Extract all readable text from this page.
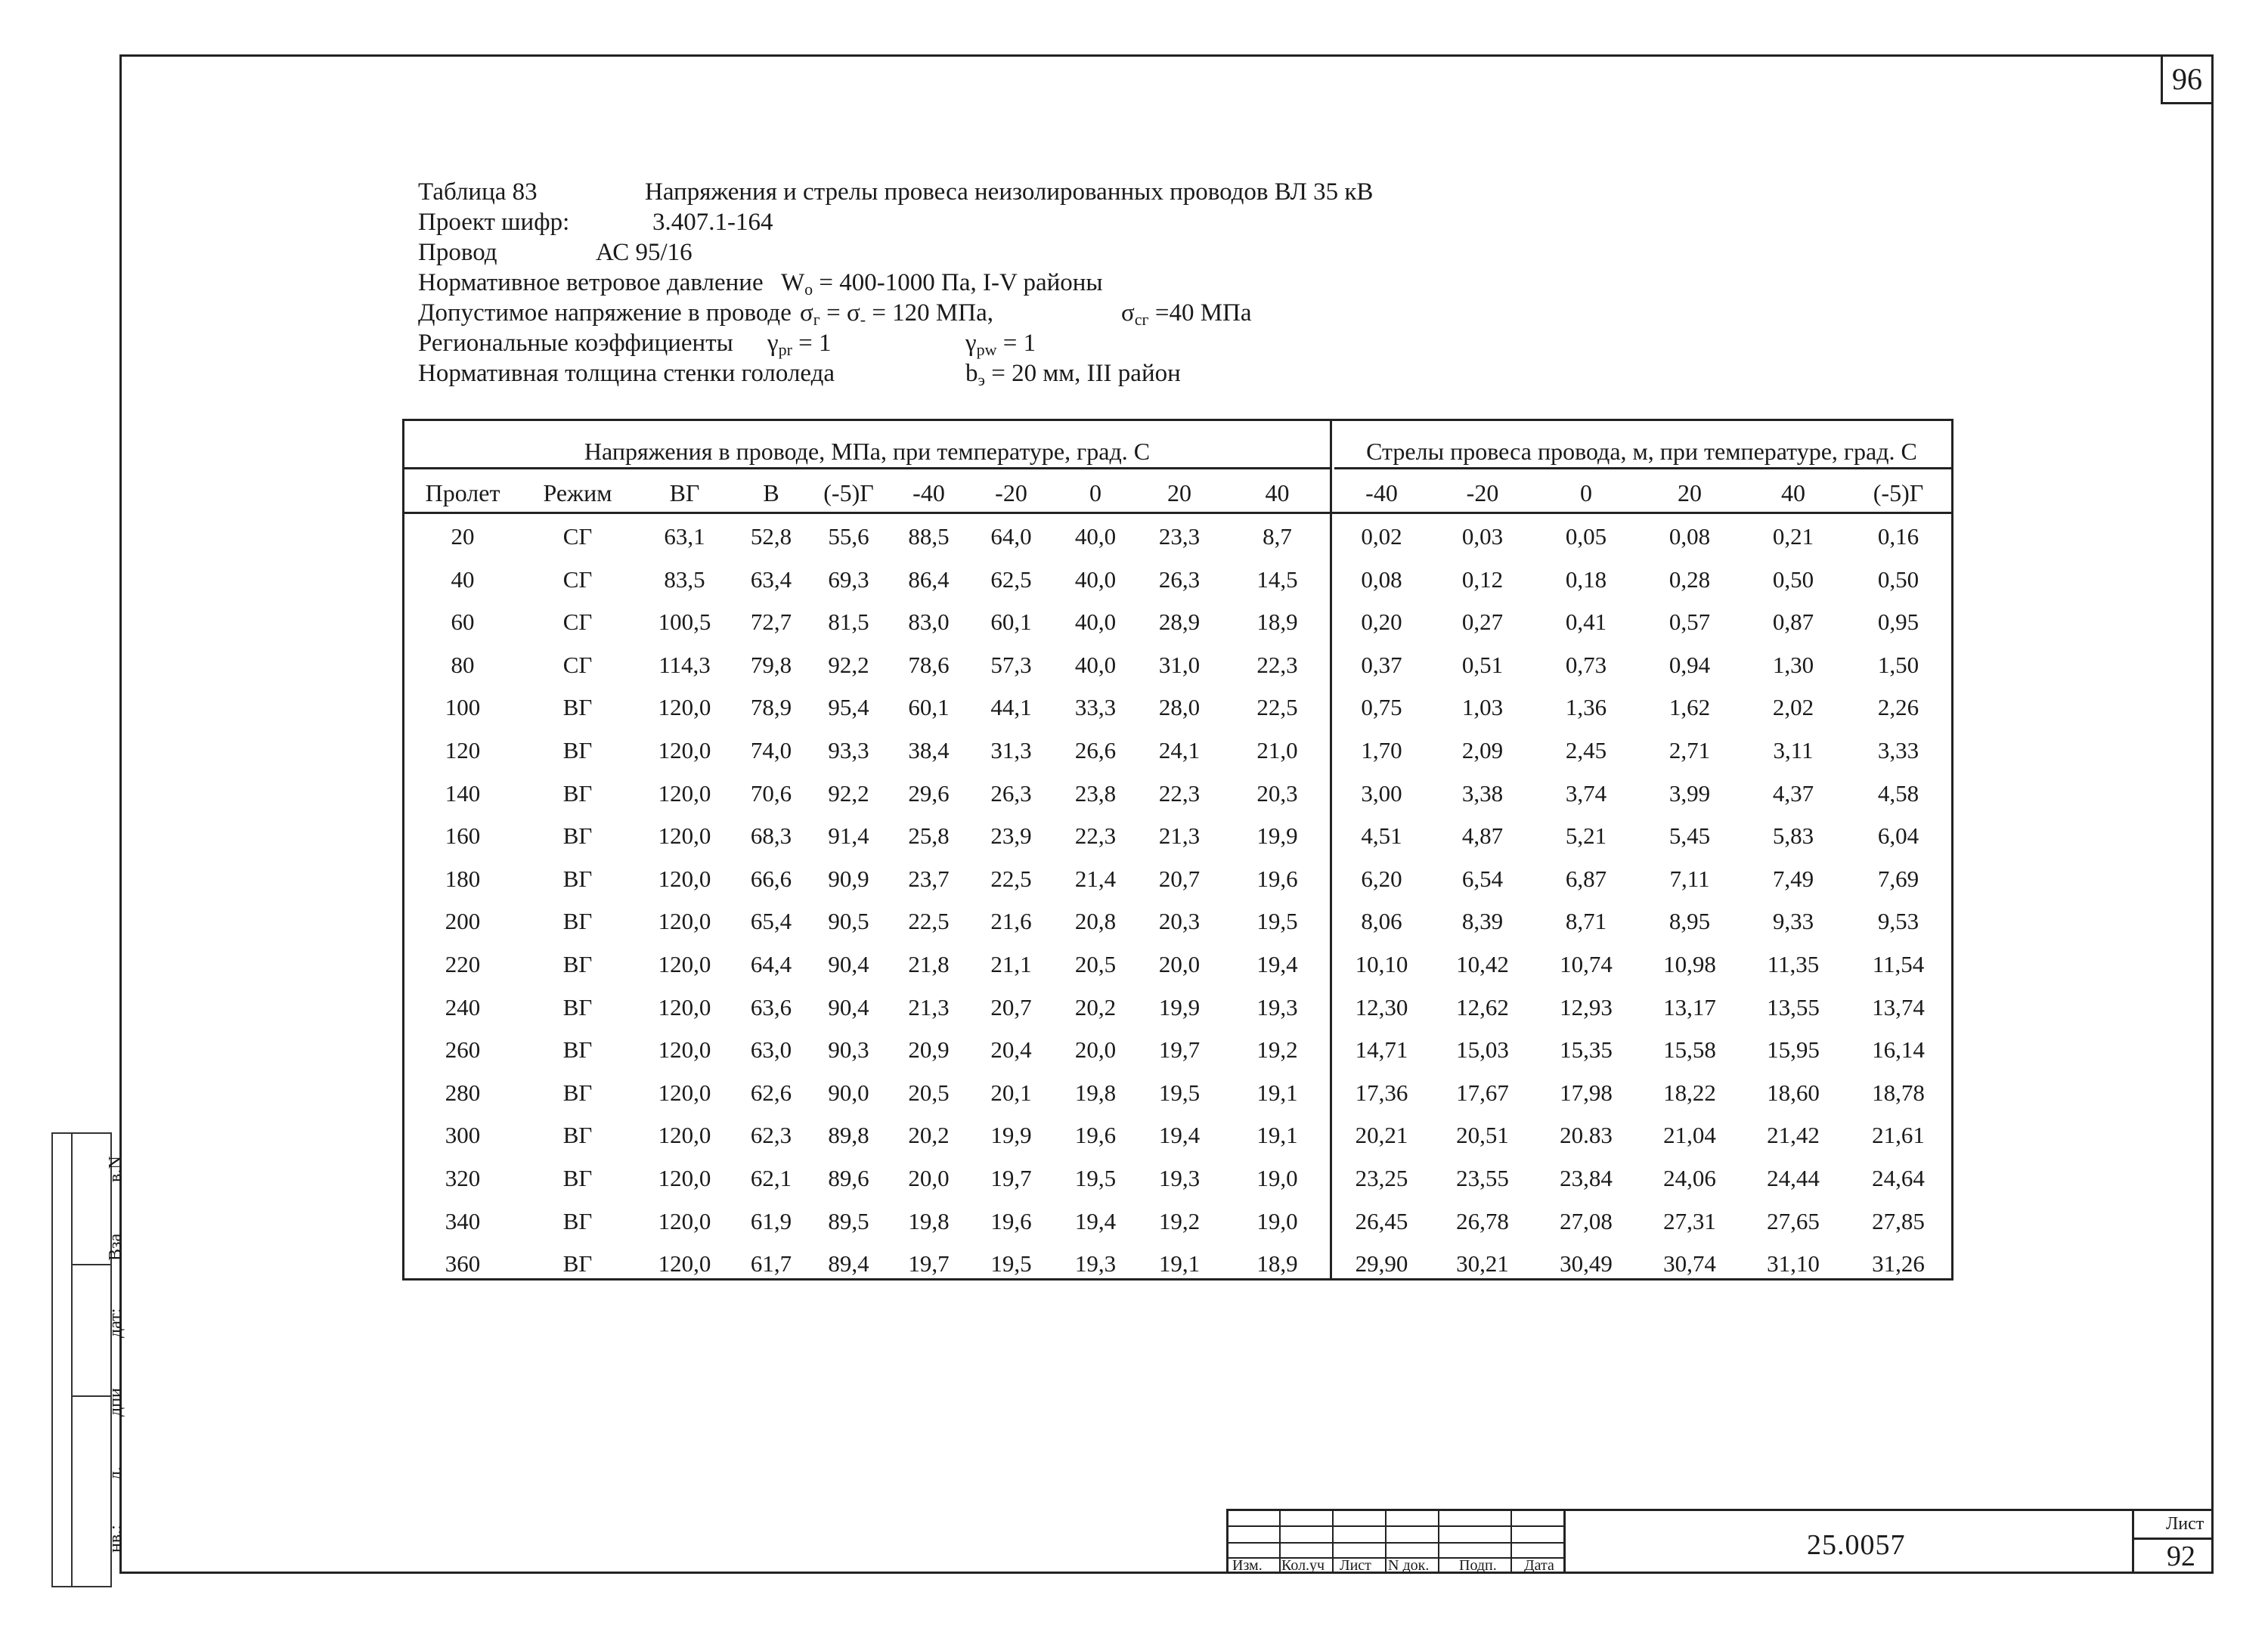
96
Таблица 83	Напряжения и стрелы провеса неизолированных проводов ВЛ 35 кВ
Проект шифр:	3.407.1-164
Провод	АС 95/16
Нормативное ветровое давление $W_o = 400-1000$ Па, I-V районы
Допустимое напряжение в проводе $\sigma_г = \sigma_- = 120$ МПа,	$\sigma_{сг} =40$ МПа
Региональные коэффициенты $\gamma_{pr} = 1$	$\gamma_{pw} = 1$
Нормативная толщина стенки гололеда	$b_э = 20$ мм, III район
Напряжения в проводе, МПа, при температуре, град. С	Стрелы провеса провода, м, при температуре, град. С
Пролет	Режим	ВГ	В	(-5)Г	-40	-20	0	20	40	-40	-20	0	20	40	(-5)Г
20	СГ	63,1	52,8	55,6	88,5	64,0	40,0	23,3	8,7	0,02	0,03	0,05	0,08	0,21	0,16
40	СГ	83,5	63,4	69,3	86,4	62,5	40,0	26,3	14,5	0,08	0,12	0,18	0,28	0,50	0,50
60	СГ	100,5	72,7	81,5	83,0	60,1	40,0	28,9	18,9	0,20	0,27	0,41	0,57	0,87	0,95
80	СГ	114,3	79,8	92,2	78,6	57,3	40,0	31,0	22,3	0,37	0,51	0,73	0,94	1,30	1,50
100	ВГ	120,0	78,9	95,4	60,1	44,1	33,3	28,0	22,5	0,75	1,03	1,36	1,62	2,02	2,26
120	ВГ	120,0	74,0	93,3	38,4	31,3	26,6	24,1	21,0	1,70	2,09	2,45	2,71	3,11	3,33
140	ВГ	120,0	70,6	92,2	29,6	26,3	23,8	22,3	20,3	3,00	3,38	3,74	3,99	4,37	4,58
160	ВГ	120,0	68,3	91,4	25,8	23,9	22,3	21,3	19,9	4,51	4,87	5,21	5,45	5,83	6,04
180	ВГ	120,0	66,6	90,9	23,7	22,5	21,4	20,7	19,6	6,20	6,54	6,87	7,11	7,49	7,69
200	ВГ	120,0	65,4	90,5	22,5	21,6	20,8	20,3	19,5	8,06	8,39	8,71	8,95	9,33	9,53
220	ВГ	120,0	64,4	90,4	21,8	21,1	20,5	20,0	19,4	10,10	10,42	10,74	10,98	11,35	11,54
240	ВГ	120,0	63,6	90,4	21,3	20,7	20,2	19,9	19,3	12,30	12,62	12,93	13,17	13,55	13,74
260	ВГ	120,0	63,0	90,3	20,9	20,4	20,0	19,7	19,2	14,71	15,03	15,35	15,58	15,95	16,14
280	ВГ	120,0	62,6	90,0	20,5	20,1	19,8	19,5	19,1	17,36	17,67	17,98	18,22	18,60	18,78
300	ВГ	120,0	62,3	89,8	20,2	19,9	19,6	19,4	19,1	20,21	20,51	20.83	21,04	21,42	21,61
320	ВГ	120,0	62,1	89,6	20,0	19,7	19,5	19,3	19,0	23,25	23,55	23,84	24,06	24,44	24,64
340	ВГ	120,0	61,9	89,5	19,8	19,6	19,4	19,2	19,0	26,45	26,78	27,08	27,31	27,65	27,85
360	ВГ	120,0	61,7	89,4	19,7	19,5	19,3	19,1	18,9	29,90	30,21	30,49	30,74	31,10	31,26
в.N
Вза
дат:
дпи
л.
нв.:
Изм. Кол.уч Лист N док. Подп. Дата
25.0057
Лист
92
